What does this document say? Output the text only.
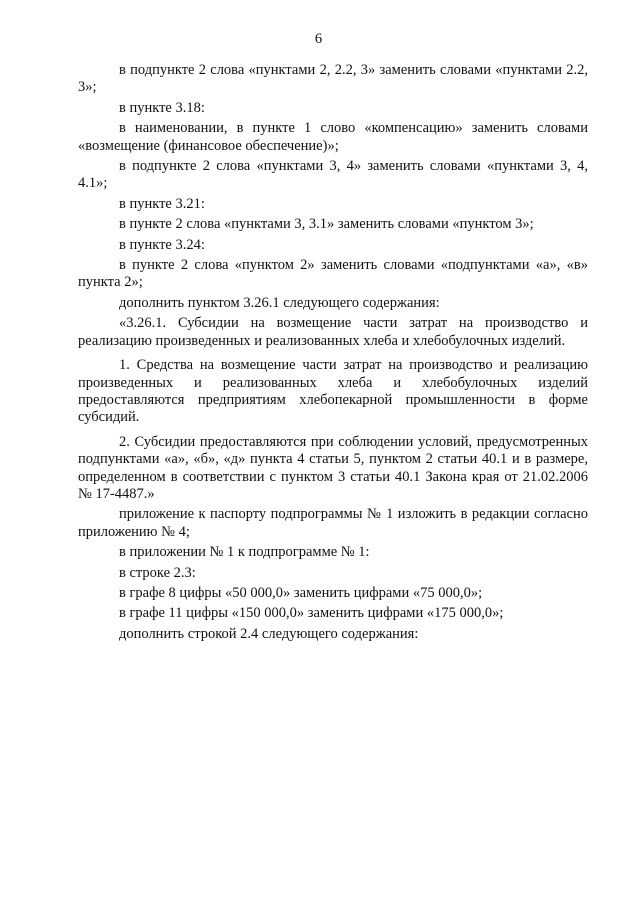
6

в подпункте 2 слова «пунктами 2, 2.2, 3» заменить словами «пунктами 2.2, 3»;

в пункте 3.18:

в наименовании, в пункте 1 слово «компенсацию» заменить словами «возмещение (финансовое обеспечение)»;

в подпункте 2 слова «пунктами 3, 4» заменить словами «пунктами 3, 4, 4.1»;

в пункте 3.21:

в пункте 2 слова «пунктами 3, 3.1» заменить словами «пунктом 3»;

в пункте 3.24:

в пункте 2 слова «пунктом 2» заменить словами «подпунктами «а», «в» пункта 2»;

дополнить пунктом 3.26.1 следующего содержания:

«3.26.1. Субсидии на возмещение части затрат на производство и реализацию произведенных и реализованных хлеба и хлебобулочных изделий.

1. Средства на возмещение части затрат на производство и реализацию произведенных и реализованных хлеба и хлебобулочных изделий предоставляются предприятиям хлебопекарной промышленности в форме субсидий.

2. Субсидии предоставляются при соблюдении условий, предусмотренных подпунктами «а», «б», «д» пункта 4 статьи 5, пунктом 2 статьи 40.1 и в размере, определенном в соответствии с пунктом 3 статьи 40.1 Закона края от 21.02.2006 № 17-4487.»

приложение к паспорту подпрограммы № 1 изложить в редакции согласно приложению № 4;

в приложении № 1 к подпрограмме № 1:

в строке 2.3:

в графе 8 цифры «50 000,0» заменить цифрами «75 000,0»;

в графе 11 цифры «150 000,0» заменить цифрами «175 000,0»;

дополнить строкой 2.4 следующего содержания:
